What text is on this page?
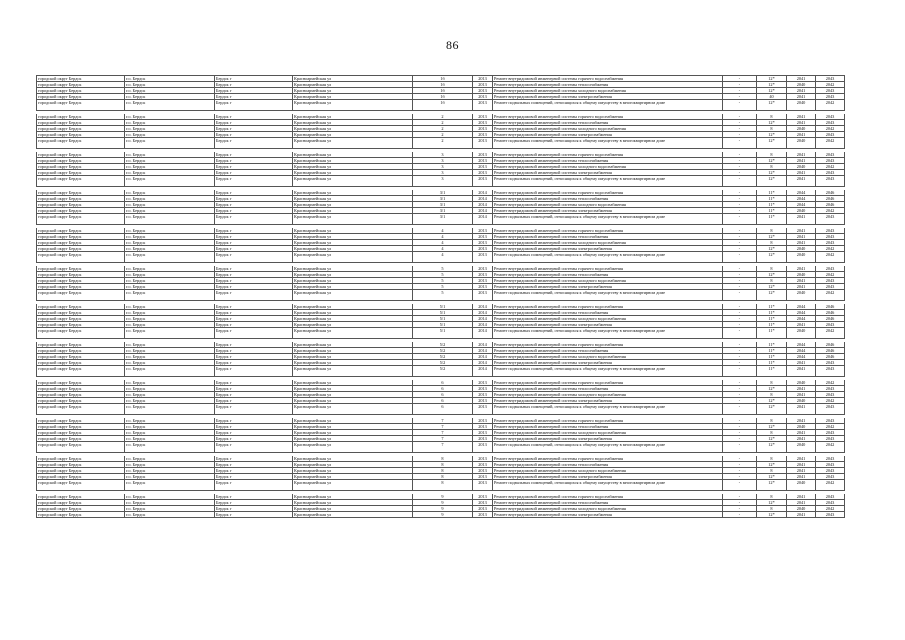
86
городской округ Бердск	г.о. Бердск	Бердск г	Красноармейская ул	1б	2013	Ремонт внутридомовой инженерной системы горячего водоснабжения	-	12*	2041	2043
городской округ Бердск	г.о. Бердск	Бердск г	Красноармейская ул	1б	2013	Ремонт внутридомовой инженерной системы теплоснабжения	-	12*	2040	2042
городской округ Бердск	г.о. Бердск	Бердск г	Красноармейская ул	1б	2013	Ремонт внутридомовой инженерной системы холодного водоснабжения	-	12*	2041	2043
городской округ Бердск	г.о. Бердск	Бердск г	Красноармейская ул	1б	2013	Ремонт внутридомовой инженерной системы электроснабжения	-	40	2041	2043
городской округ Бердск	г.о. Бердск	Бердск г	Красноармейская ул	1б	2013	Ремонт подвальных помещений, относящихся к общему имуществу в многоквартирном доме	-	12*	2040	2042

городской округ Бердск	г.о. Бердск	Бердск г	Красноармейская ул	2	2013	Ремонт внутридомовой инженерной системы горячего водоснабжения	-	8	2041	2043
городской округ Бердск	г.о. Бердск	Бердск г	Красноармейская ул	2	2013	Ремонт внутридомовой инженерной системы теплоснабжения	-	12*	2041	2043
городской округ Бердск	г.о. Бердск	Бердск г	Красноармейская ул	2	2013	Ремонт внутридомовой инженерной системы холодного водоснабжения	-	8	2040	2042
городской округ Бердск	г.о. Бердск	Бердск г	Красноармейская ул	2	2013	Ремонт внутридомовой инженерной системы электроснабжения	-	12*	2041	2043
городской округ Бердск	г.о. Бердск	Бердск г	Красноармейская ул	2	2013	Ремонт подвальных помещений, относящихся к общему имуществу в многоквартирном доме	-	12*	2040	2042

городской округ Бердск	г.о. Бердск	Бердск г	Красноармейская ул	3	2013	Ремонт внутридомовой инженерной системы горячего водоснабжения	-	8	2041	2043
городской округ Бердск	г.о. Бердск	Бердск г	Красноармейская ул	3	2013	Ремонт внутридомовой инженерной системы теплоснабжения	-	12*	2041	2043
городской округ Бердск	г.о. Бердск	Бердск г	Красноармейская ул	3	2013	Ремонт внутридомовой инженерной системы холодного водоснабжения	-	8	2040	2042
городской округ Бердск	г.о. Бердск	Бердск г	Красноармейская ул	3	2013	Ремонт внутридомовой инженерной системы электроснабжения	-	12*	2041	2043
городской округ Бердск	г.о. Бердск	Бердск г	Красноармейская ул	3	2013	Ремонт подвальных помещений, относящихся к общему имуществу в многоквартирном доме	-	12*	2041	2043

городской округ Бердск	г.о. Бердск	Бердск г	Красноармейская ул	3/1	2014	Ремонт внутридомовой инженерной системы горячего водоснабжения	-	11*	2044	2046
городской округ Бердск	г.о. Бердск	Бердск г	Красноармейская ул	3/1	2014	Ремонт внутридомовой инженерной системы теплоснабжения	-	11*	2044	2046
городской округ Бердск	г.о. Бердск	Бердск г	Красноармейская ул	3/1	2014	Ремонт внутридомовой инженерной системы холодного водоснабжения	-	11*	2044	2046
городской округ Бердск	г.о. Бердск	Бердск г	Красноармейская ул	3/1	2014	Ремонт внутридомовой инженерной системы электроснабжения	-	11*	2040	2042
городской округ Бердск	г.о. Бердск	Бердск г	Красноармейская ул	3/1	2014	Ремонт подвальных помещений, относящихся к общему имуществу в многоквартирном доме	-	11*	2041	2043

городской округ Бердск	г.о. Бердск	Бердск г	Красноармейская ул	4	2013	Ремонт внутридомовой инженерной системы горячего водоснабжения	-	8	2041	2043
городской округ Бердск	г.о. Бердск	Бердск г	Красноармейская ул	4	2013	Ремонт внутридомовой инженерной системы теплоснабжения	-	12*	2041	2043
городской округ Бердск	г.о. Бердск	Бердск г	Красноармейская ул	4	2013	Ремонт внутридомовой инженерной системы холодного водоснабжения	-	8	2041	2043
городской округ Бердск	г.о. Бердск	Бердск г	Красноармейская ул	4	2013	Ремонт внутридомовой инженерной системы электроснабжения	-	12*	2040	2042
городской округ Бердск	г.о. Бердск	Бердск г	Красноармейская ул	4	2013	Ремонт подвальных помещений, относящихся к общему имуществу в многоквартирном доме	-	12*	2040	2042

городской округ Бердск	г.о. Бердск	Бердск г	Красноармейская ул	5	2013	Ремонт внутридомовой инженерной системы горячего водоснабжения	-	8	2041	2043
городской округ Бердск	г.о. Бердск	Бердск г	Красноармейская ул	5	2013	Ремонт внутридомовой инженерной системы теплоснабжения	-	12*	2040	2042
городской округ Бердск	г.о. Бердск	Бердск г	Красноармейская ул	5	2013	Ремонт внутридомовой инженерной системы холодного водоснабжения	-	8	2041	2043
городской округ Бердск	г.о. Бердск	Бердск г	Красноармейская ул	5	2013	Ремонт внутридомовой инженерной системы электроснабжения	-	12*	2041	2043
городской округ Бердск	г.о. Бердск	Бердск г	Красноармейская ул	5	2013	Ремонт подвальных помещений, относящихся к общему имуществу в многоквартирном доме	-	12*	2040	2042

городской округ Бердск	г.о. Бердск	Бердск г	Красноармейская ул	5/1	2014	Ремонт внутридомовой инженерной системы горячего водоснабжения	-	11*	2044	2046
городской округ Бердск	г.о. Бердск	Бердск г	Красноармейская ул	5/1	2014	Ремонт внутридомовой инженерной системы теплоснабжения	-	11*	2044	2046
городской округ Бердск	г.о. Бердск	Бердск г	Красноармейская ул	5/1	2014	Ремонт внутридомовой инженерной системы холодного водоснабжения	-	11*	2044	2046
городской округ Бердск	г.о. Бердск	Бердск г	Красноармейская ул	5/1	2014	Ремонт внутридомовой инженерной системы электроснабжения	-	11*	2041	2043
городской округ Бердск	г.о. Бердск	Бердск г	Красноармейская ул	5/1	2014	Ремонт подвальных помещений, относящихся к общему имуществу в многоквартирном доме	-	11*	2040	2042

городской округ Бердск	г.о. Бердск	Бердск г	Красноармейская ул	5/2	2014	Ремонт внутридомовой инженерной системы горячего водоснабжения	-	11*	2044	2046
городской округ Бердск	г.о. Бердск	Бердск г	Красноармейская ул	5/2	2014	Ремонт внутридомовой инженерной системы теплоснабжения	-	11*	2044	2046
городской округ Бердск	г.о. Бердск	Бердск г	Красноармейская ул	5/2	2014	Ремонт внутридомовой инженерной системы холодного водоснабжения	-	11*	2044	2046
городской округ Бердск	г.о. Бердск	Бердск г	Красноармейская ул	5/2	2014	Ремонт внутридомовой инженерной системы электроснабжения	-	11*	2041	2043
городской округ Бердск	г.о. Бердск	Бердск г	Красноармейская ул	5/2	2014	Ремонт подвальных помещений, относящихся к общему имуществу в многоквартирном доме	-	11*	2041	2043

городской округ Бердск	г.о. Бердск	Бердск г	Красноармейская ул	6	2013	Ремонт внутридомовой инженерной системы горячего водоснабжения	-	8	2040	2042
городской округ Бердск	г.о. Бердск	Бердск г	Красноармейская ул	6	2013	Ремонт внутридомовой инженерной системы теплоснабжения	-	12*	2041	2043
городской округ Бердск	г.о. Бердск	Бердск г	Красноармейская ул	6	2013	Ремонт внутридомовой инженерной системы холодного водоснабжения	-	8	2041	2043
городской округ Бердск	г.о. Бердск	Бердск г	Красноармейская ул	6	2013	Ремонт внутридомовой инженерной системы электроснабжения	-	12*	2040	2042
городской округ Бердск	г.о. Бердск	Бердск г	Красноармейская ул	6	2013	Ремонт подвальных помещений, относящихся к общему имуществу в многоквартирном доме	-	12*	2041	2043

городской округ Бердск	г.о. Бердск	Бердск г	Красноармейская ул	7	2013	Ремонт внутридомовой инженерной системы горячего водоснабжения	-	8	2041	2043
городской округ Бердск	г.о. Бердск	Бердск г	Красноармейская ул	7	2013	Ремонт внутридомовой инженерной системы теплоснабжения	-	12*	2040	2042
городской округ Бердск	г.о. Бердск	Бердск г	Красноармейская ул	7	2013	Ремонт внутридомовой инженерной системы холодного водоснабжения	-	8	2041	2043
городской округ Бердск	г.о. Бердск	Бердск г	Красноармейская ул	7	2013	Ремонт внутридомовой инженерной системы электроснабжения	-	12*	2041	2043
городской округ Бердск	г.о. Бердск	Бердск г	Красноармейская ул	7	2013	Ремонт подвальных помещений, относящихся к общему имуществу в многоквартирном доме	-	12*	2040	2042

городской округ Бердск	г.о. Бердск	Бердск г	Красноармейская ул	8	2013	Ремонт внутридомовой инженерной системы горячего водоснабжения	-	8	2041	2043
городской округ Бердск	г.о. Бердск	Бердск г	Красноармейская ул	8	2013	Ремонт внутридомовой инженерной системы теплоснабжения	-	12*	2041	2043
городской округ Бердск	г.о. Бердск	Бердск г	Красноармейская ул	8	2013	Ремонт внутридомовой инженерной системы холодного водоснабжения	-	8	2041	2043
городской округ Бердск	г.о. Бердск	Бердск г	Красноармейская ул	8	2013	Ремонт внутридомовой инженерной системы электроснабжения	-	12*	2041	2043
городской округ Бердск	г.о. Бердск	Бердск г	Красноармейская ул	8	2013	Ремонт подвальных помещений, относящихся к общему имуществу в многоквартирном доме	-	12*	2040	2042

городской округ Бердск	г.о. Бердск	Бердск г	Красноармейская ул	9	2013	Ремонт внутридомовой инженерной системы горячего водоснабжения	-	8	2041	2043
городской округ Бердск	г.о. Бердск	Бердск г	Красноармейская ул	9	2013	Ремонт внутридомовой инженерной системы теплоснабжения	-	12*	2041	2043
городской округ Бердск	г.о. Бердск	Бердск г	Красноармейская ул	9	2013	Ремонт внутридомовой инженерной системы холодного водоснабжения	-	8	2040	2042
городской округ Бердск	г.о. Бердск	Бердск г	Красноармейская ул	9	2013	Ремонт внутридомовой инженерной системы электроснабжения	-	12*	2041	2043
